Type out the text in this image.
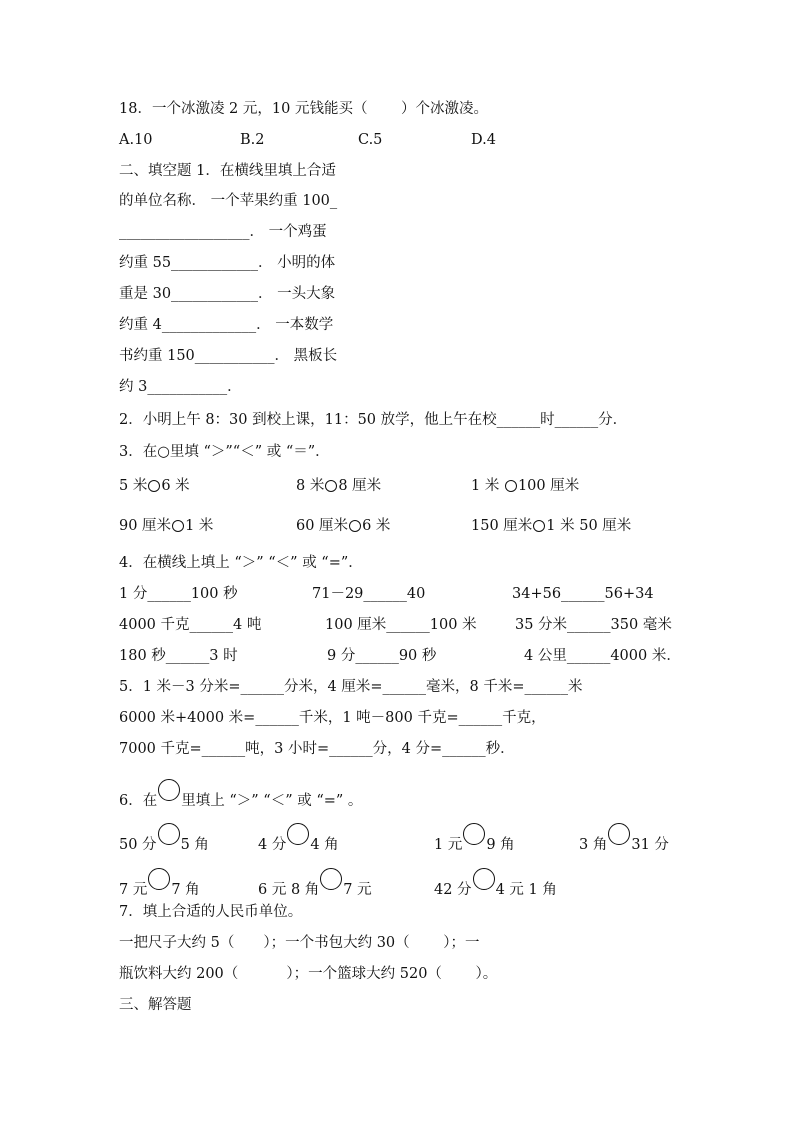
18．一个冰激凌 2 元，10 元钱能买（　　 ）个冰激凌。
A.10	B.2	C.5	D.4
二、填空题 1．在横线里填上合适
的单位名称． 一个苹果约重 100_
__________________． 一个鸡蛋
约重 55____________． 小明的体
重是 30____________． 一头大象
约重 4_____________． 一本数学
书约重 150___________． 黑板长
约 3___________．
2．小明上午 8：30 到校上课，11：50 放学，他上午在校______时______分．
3．在○里填 “＞”“＜” 或 “＝”．
5 米 6 米	8 米 8 厘米	1 米 100 厘米
90 厘米 1 米	60 厘米 6 米	150 厘米 1 米 50 厘米
4．在横线上填上 “＞” “＜” 或 “=”．
1 分______100 秒	71－29______40	34+56______56+34
4000 千克______4 吨	100 厘米______100 米	35 分米______350 毫米
180 秒______3 时	9 分______90 秒	4 公里______4000 米．
5．1 米－3 分米=______分米，4 厘米=______毫米，8 千米=______米
6000 米+4000 米=______千米，1 吨－800 千克=______千克，
7000 千克=______吨，3 小时=______分，4 分=______秒．
6．在 里填上 “＞” “＜” 或 “=” 。
50 分 5 角	4 分 4 角	1 元 9 角	3 角 31 分
7 元 7 角	6 元 8 角 7 元	42 分 4 元 1 角
7．填上合适的人民币单位。
一把尺子大约 5（　　）；一个书包大约 30（　　 ）；一
瓶饮料大约 200（　　　 ）；一个篮球大约 520（　　 ）。
三、解答题
